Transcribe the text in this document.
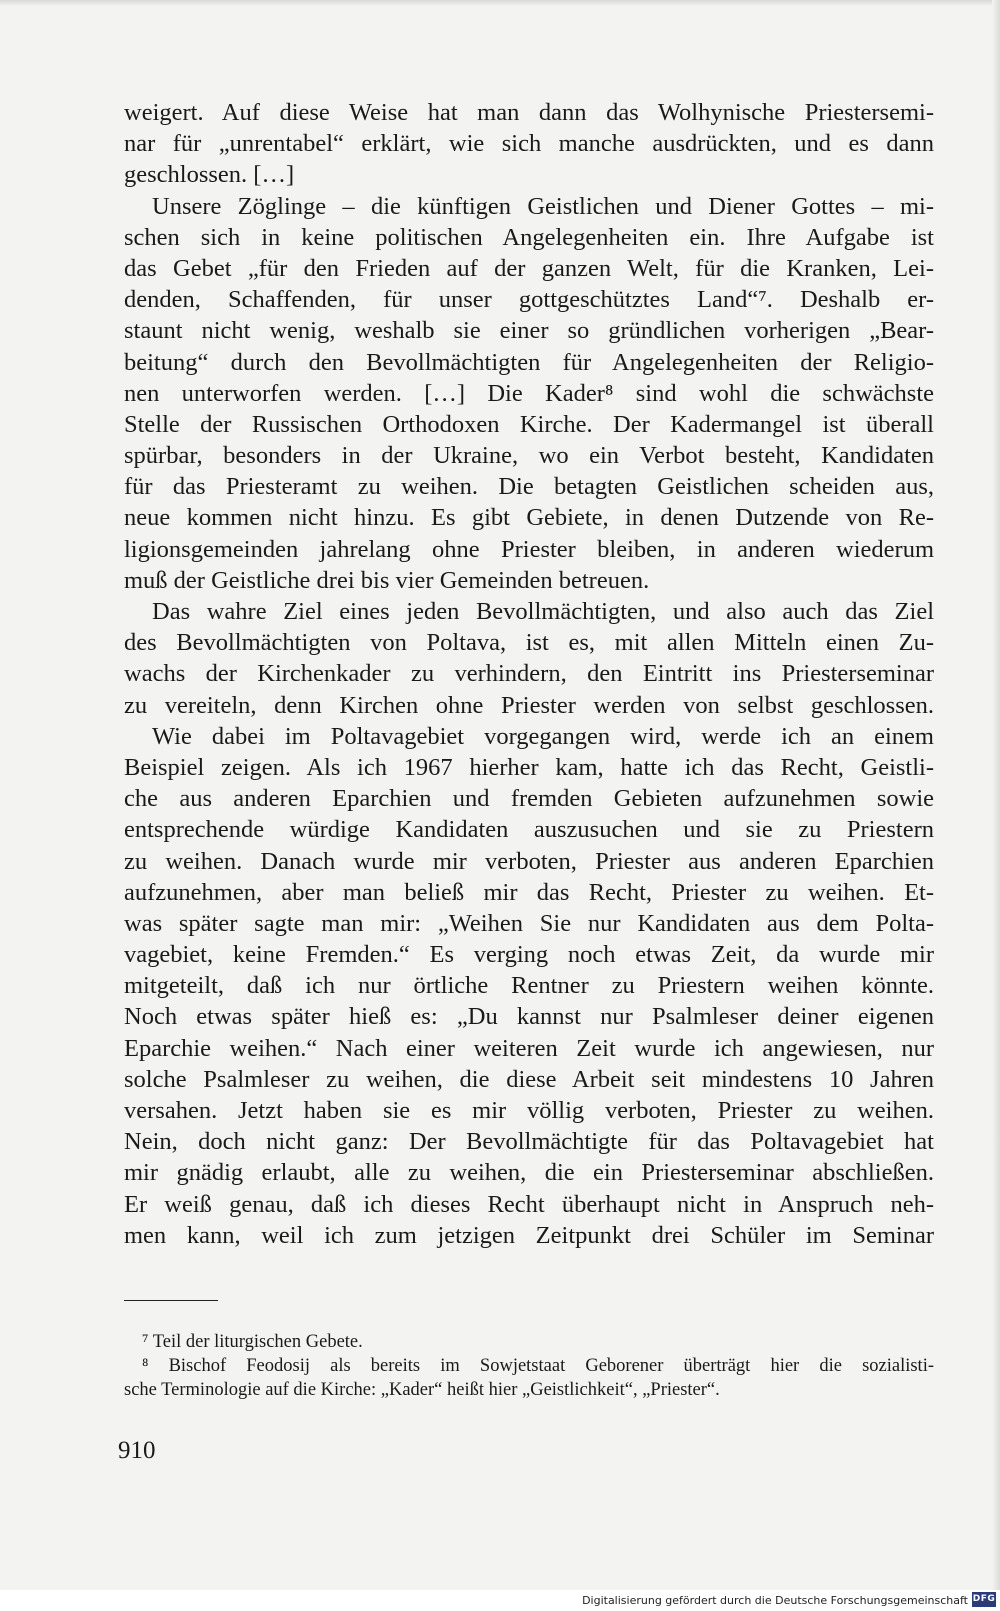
weigert. Auf diese Weise hat man dann das Wolhynische Priestersemi-
nar für „unrentabel“ erklärt, wie sich manche ausdrückten, und es dann
geschlossen. […]
Unsere Zöglinge – die künftigen Geistlichen und Diener Gottes – mi-
schen sich in keine politischen Angelegenheiten ein. Ihre Aufgabe ist
das Gebet „für den Frieden auf der ganzen Welt, für die Kranken, Lei-
denden, Schaffenden, für unser gottgeschütztes Land“⁷. Deshalb er-
staunt nicht wenig, weshalb sie einer so gründlichen vorherigen „Bear-
beitung“ durch den Bevollmächtigten für Angelegenheiten der Religio-
nen unterworfen werden. […] Die Kader⁸ sind wohl die schwächste
Stelle der Russischen Orthodoxen Kirche. Der Kadermangel ist überall
spürbar, besonders in der Ukraine, wo ein Verbot besteht, Kandidaten
für das Priesteramt zu weihen. Die betagten Geistlichen scheiden aus,
neue kommen nicht hinzu. Es gibt Gebiete, in denen Dutzende von Re-
ligionsgemeinden jahrelang ohne Priester bleiben, in anderen wiederum
muß der Geistliche drei bis vier Gemeinden betreuen.
Das wahre Ziel eines jeden Bevollmächtigten, und also auch das Ziel
des Bevollmächtigten von Poltava, ist es, mit allen Mitteln einen Zu-
wachs der Kirchenkader zu verhindern, den Eintritt ins Priesterseminar
zu vereiteln, denn Kirchen ohne Priester werden von selbst geschlossen.
Wie dabei im Poltavagebiet vorgegangen wird, werde ich an einem
Beispiel zeigen. Als ich 1967 hierher kam, hatte ich das Recht, Geistli-
che aus anderen Eparchien und fremden Gebieten aufzunehmen sowie
entsprechende würdige Kandidaten auszusuchen und sie zu Priestern
zu weihen. Danach wurde mir verboten, Priester aus anderen Eparchien
aufzunehmen, aber man beließ mir das Recht, Priester zu weihen. Et-
was später sagte man mir: „Weihen Sie nur Kandidaten aus dem Polta-
vagebiet, keine Fremden.“ Es verging noch etwas Zeit, da wurde mir
mitgeteilt, daß ich nur örtliche Rentner zu Priestern weihen könnte.
Noch etwas später hieß es: „Du kannst nur Psalmleser deiner eigenen
Eparchie weihen.“ Nach einer weiteren Zeit wurde ich angewiesen, nur
solche Psalmleser zu weihen, die diese Arbeit seit mindestens 10 Jahren
versahen. Jetzt haben sie es mir völlig verboten, Priester zu weihen.
Nein, doch nicht ganz: Der Bevollmächtigte für das Poltavagebiet hat
mir gnädig erlaubt, alle zu weihen, die ein Priesterseminar abschließen.
Er weiß genau, daß ich dieses Recht überhaupt nicht in Anspruch neh-
men kann, weil ich zum jetzigen Zeitpunkt drei Schüler im Seminar
⁷ Teil der liturgischen Gebete.
⁸ Bischof Feodosij als bereits im Sowjetstaat Geborener überträgt hier die sozialisti-
sche Terminologie auf die Kirche: „Kader“ heißt hier „Geistlichkeit“, „Priester“.
910
Digitalisierung gefördert durch die Deutsche Forschungsgemeinschaft DFG
